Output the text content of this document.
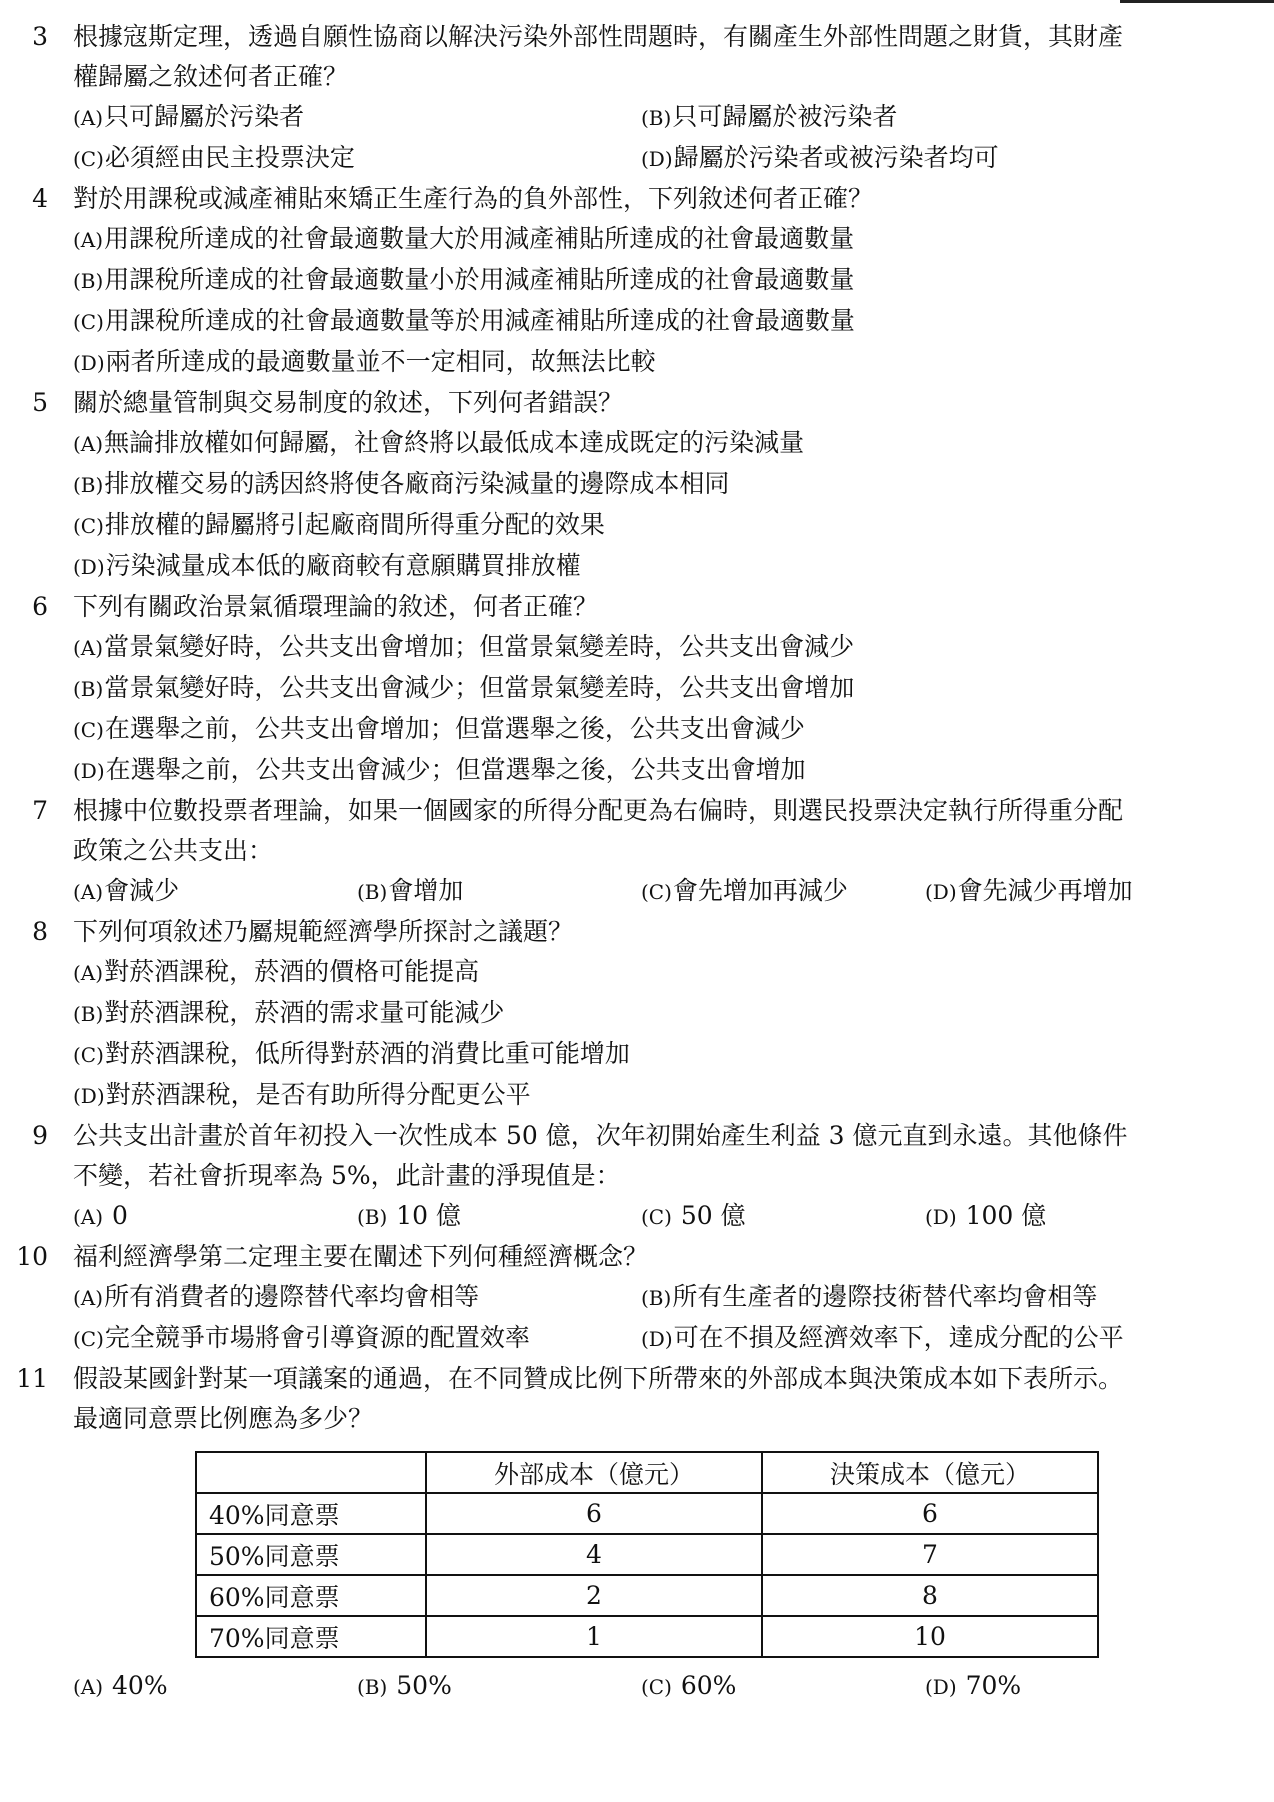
3 根據寇斯定理，透過自願性協商以解決污染外部性問題時，有關產生外部性問題之財貨，其財產
權歸屬之敘述何者正確？
(A)只可歸屬於污染者	(B)只可歸屬於被污染者
(C)必須經由民主投票決定	(D)歸屬於污染者或被污染者均可
4 對於用課稅或減產補貼來矯正生產行為的負外部性，下列敘述何者正確？
(A)用課稅所達成的社會最適數量大於用減產補貼所達成的社會最適數量
(B)用課稅所達成的社會最適數量小於用減產補貼所達成的社會最適數量
(C)用課稅所達成的社會最適數量等於用減產補貼所達成的社會最適數量
(D)兩者所達成的最適數量並不一定相同，故無法比較
5 關於總量管制與交易制度的敘述，下列何者錯誤？
(A)無論排放權如何歸屬，社會終將以最低成本達成既定的污染減量
(B)排放權交易的誘因終將使各廠商污染減量的邊際成本相同
(C)排放權的歸屬將引起廠商間所得重分配的效果
(D)污染減量成本低的廠商較有意願購買排放權
6 下列有關政治景氣循環理論的敘述，何者正確？
(A)當景氣變好時，公共支出會增加；但當景氣變差時，公共支出會減少
(B)當景氣變好時，公共支出會減少；但當景氣變差時，公共支出會增加
(C)在選舉之前，公共支出會增加；但當選舉之後，公共支出會減少
(D)在選舉之前，公共支出會減少；但當選舉之後，公共支出會增加
7 根據中位數投票者理論，如果一個國家的所得分配更為右偏時，則選民投票決定執行所得重分配
政策之公共支出：
(A)會減少	(B)會增加	(C)會先增加再減少	(D)會先減少再增加
8 下列何項敘述乃屬規範經濟學所探討之議題？
(A)對菸酒課稅，菸酒的價格可能提高
(B)對菸酒課稅，菸酒的需求量可能減少
(C)對菸酒課稅，低所得對菸酒的消費比重可能增加
(D)對菸酒課稅，是否有助所得分配更公平
9 公共支出計畫於首年初投入一次性成本 50 億，次年初開始產生利益 3 億元直到永遠。其他條件
不變，若社會折現率為 5%，此計畫的淨現值是：
(A) 0	(B) 10 億	(C) 50 億	(D) 100 億
10 福利經濟學第二定理主要在闡述下列何種經濟概念？
(A)所有消費者的邊際替代率均會相等	(B)所有生產者的邊際技術替代率均會相等
(C)完全競爭市場將會引導資源的配置效率	(D)可在不損及經濟效率下，達成分配的公平
11 假設某國針對某一項議案的通過，在不同贊成比例下所帶來的外部成本與決策成本如下表所示。
最適同意票比例應為多少？
	外部成本（億元）	決策成本（億元）
40%同意票	6	6
50%同意票	4	7
60%同意票	2	8
70%同意票	1	10
(A) 40%	(B) 50%	(C) 60%	(D) 70%
